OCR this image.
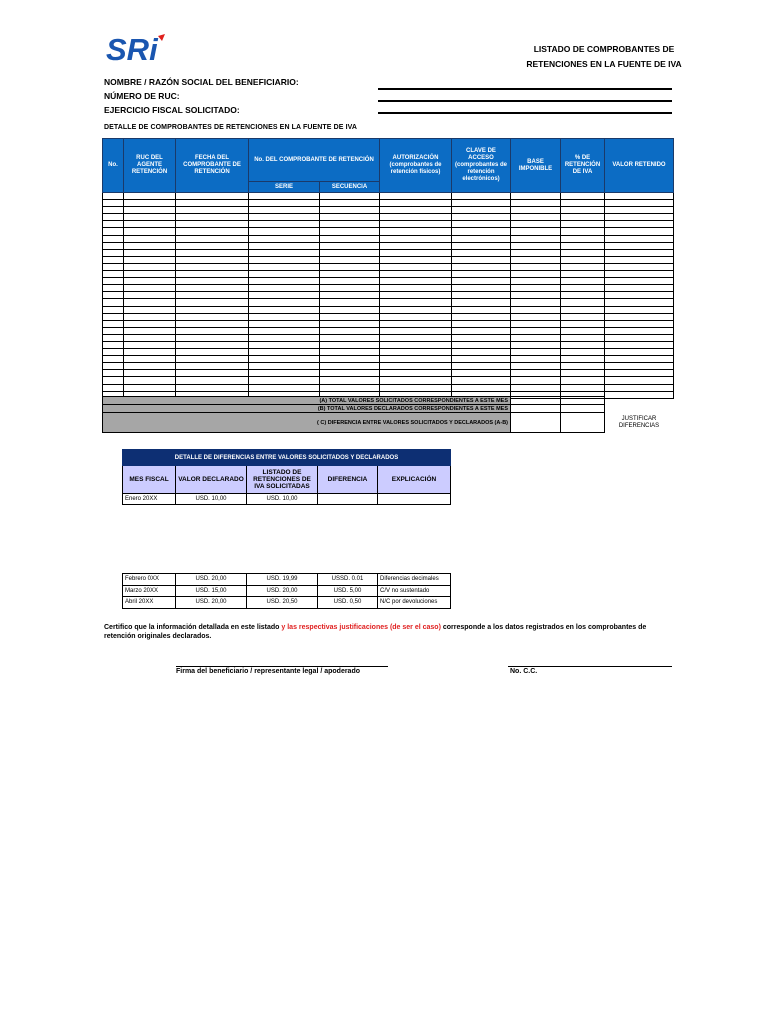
SRi	LISTADO DE COMPROBANTES DE
RETENCIONES EN LA FUENTE DE IVA
NOMBRE / RAZÓN SOCIAL DEL BENEFICIARIO:
NÚMERO DE RUC:
EJERCICIO FISCAL SOLICITADO:
DETALLE DE COMPROBANTES DE RETENCIONES EN LA FUENTE DE IVA
No.	RUC DEL AGENTE RETENCIÓN	FECHA DEL COMPROBANTE DE RETENCIÓN	No. DEL COMPROBANTE DE RETENCIÓN		AUTORIZACIÓN (comprobantes de retención físicos)	CLAVE DE ACCESO (comprobantes de retención electrónicos)	BASE IMPONIBLE	% DE RETENCIÓN DE IVA	VALOR RETENIDO
			SERIE	SECUENCIA					

(A) TOTAL VALORES SOLICITADOS CORRESPONDIENTES A ESTE MES		
(B) TOTAL VALORES DECLARADOS CORRESPONDIENTES A ESTE MES		
( C) DIFERENCIA ENTRE VALORES SOLICITADOS Y DECLARADOS (A-B)		
JUSTIFICAR DIFERENCIAS
DETALLE DE DIFERENCIAS ENTRE VALORES SOLICITADOS Y DECLARADOS				
MES FISCAL	VALOR DECLARADO	LISTADO DE RETENCIONES DE IVA SOLICITADAS	DIFERENCIA	EXPLICACIÓN
Enero 20XX	USD. 10,00	USD. 10,00		
Febrero 0XX	USD. 20,00	USD. 19,99	USSD. 0.01	Diferencias decimales
Marzo 20XX	USD. 15,00	USD. 20,00	USD. 5,00	C/V no sustentado
Abril 20XX	USD. 20,00	USD. 20,50	USD. 0,50	N/C por devoluciones
Certifico que la información detallada en este listado y las respectivas justificaciones (de ser el caso) corresponde a los datos registrados en los comprobantes de retención originales declarados.
Firma del beneficiario / representante legal / apoderado	No. C.C.
